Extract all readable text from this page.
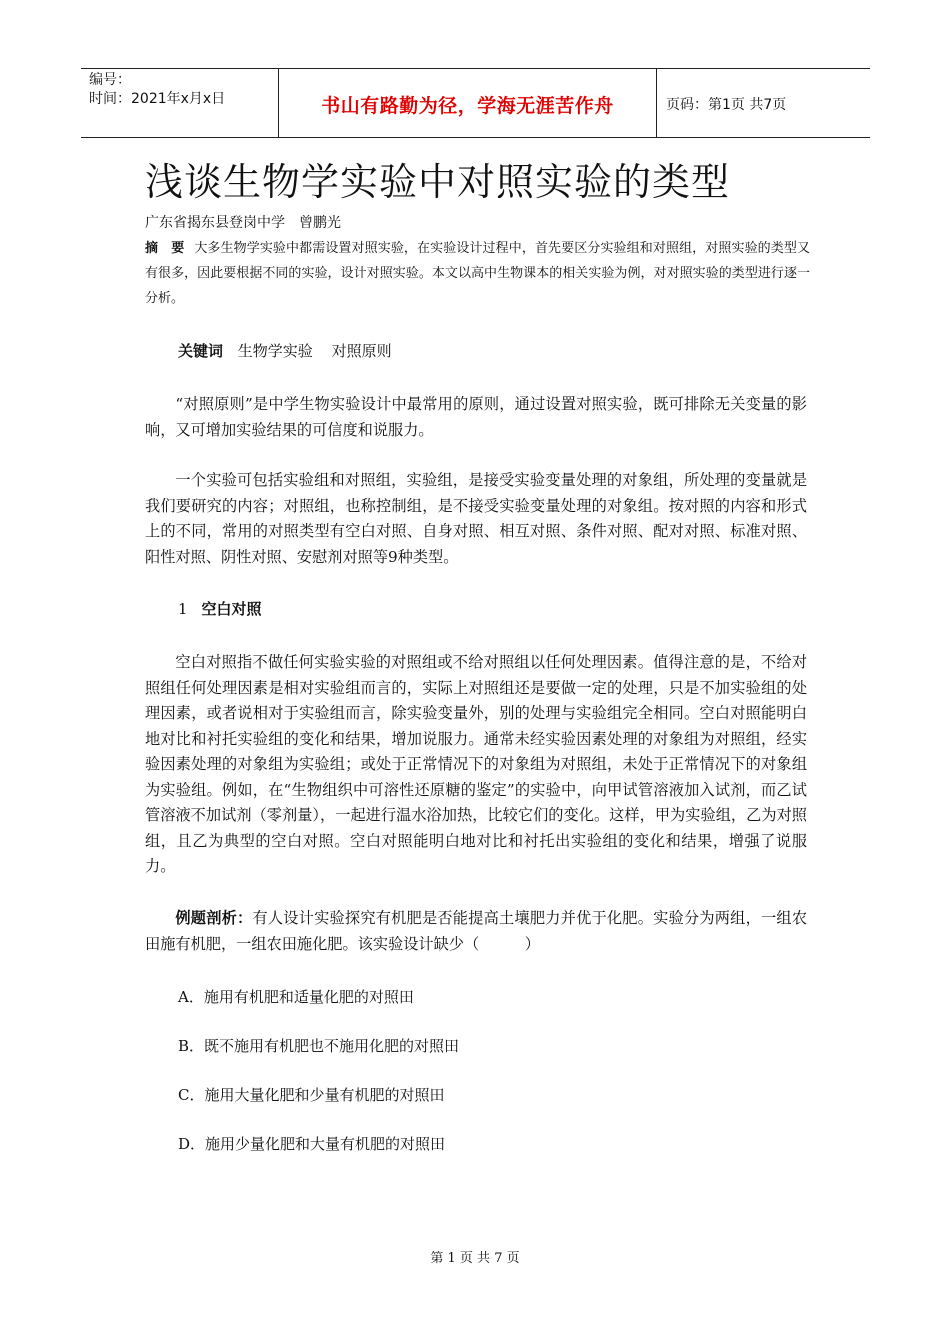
编号：
时间：2021年x月x日	书山有路勤为径，学海无涯苦作舟	页码：第1页 共7页
浅谈生物学实验中对照实验的类型
广东省揭东县登岗中学　曾鹏光
摘　要 大多生物学实验中都需设置对照实验，在实验设计过程中，首先要区分实验组和对照组，对照实验的类型又有很多，因此要根据不同的实验，设计对照实验。本文以高中生物课本的相关实验为例，对对照实验的类型进行逐一分析。
关键词 生物学实验 对照原则

“对照原则”是中学生物实验设计中最常用的原则，通过设置对照实验，既可排除无关变量的影响，又可增加实验结果的可信度和说服力。

一个实验可包括实验组和对照组，实验组，是接受实验变量处理的对象组，所处理的变量就是我们要研究的内容；对照组，也称控制组，是不接受实验变量处理的对象组。按对照的内容和形式上的不同，常用的对照类型有空白对照、自身对照、相互对照、条件对照、配对对照、标准对照、阳性对照、阴性对照、安慰剂对照等9种类型。

1 空白对照

空白对照指不做任何实验实验的对照组或不给对照组以任何处理因素。值得注意的是，不给对照组任何处理因素是相对实验组而言的，实际上对照组还是要做一定的处理，只是不加实验组的处理因素，或者说相对于实验组而言，除实验变量外，别的处理与实验组完全相同。空白对照能明白地对比和衬托实验组的变化和结果，增加说服力。通常未经实验因素处理的对象组为对照组，经实验因素处理的对象组为实验组；或处于正常情况下的对象组为对照组，未处于正常情况下的对象组为实验组。例如，在“生物组织中可溶性还原糖的鉴定”的实验中，向甲试管溶液加入试剂，而乙试管溶液不加试剂（零剂量），一起进行温水浴加热，比较它们的变化。这样，甲为实验组，乙为对照组，且乙为典型的空白对照。空白对照能明白地对比和衬托出实验组的变化和结果，增强了说服力。

例题剖析：有人设计实验探究有机肥是否能提高土壤肥力并优于化肥。实验分为两组，一组农田施有机肥，一组农田施化肥。该实验设计缺少（　　　）

A．施用有机肥和适量化肥的对照田
B．既不施用有机肥也不施用化肥的对照田
C．施用大量化肥和少量有机肥的对照田
D．施用少量化肥和大量有机肥的对照田
第 1 页 共 7 页
